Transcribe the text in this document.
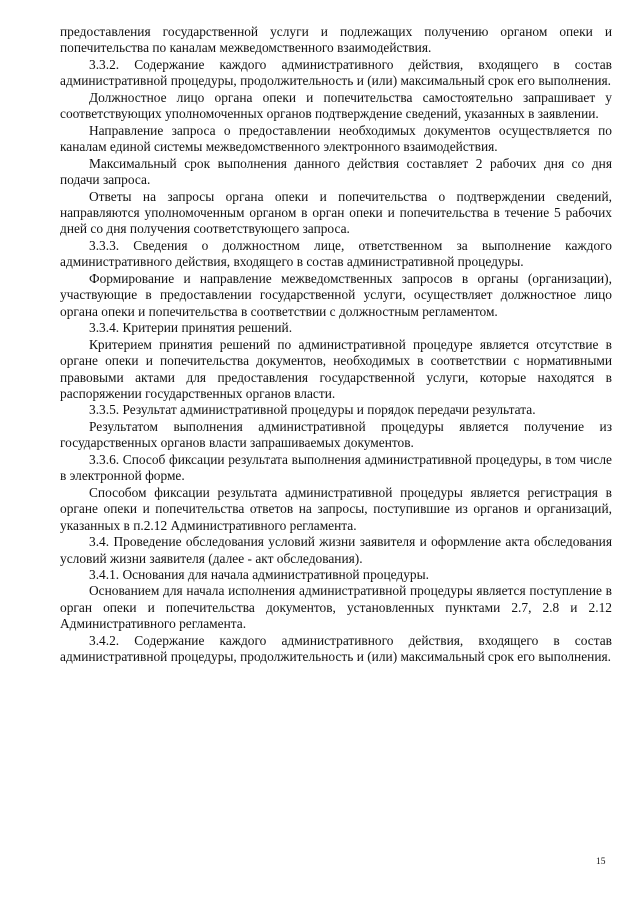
предоставления государственной услуги и подлежащих получению органом опеки и попечительства по каналам межведомственного взаимодействия.

3.3.2. Содержание каждого административного действия, входящего в состав административной процедуры, продолжительность и (или) максимальный срок его выполнения.

Должностное лицо органа опеки и попечительства самостоятельно запрашивает у соответствующих уполномоченных органов подтверждение сведений, указанных в заявлении.

Направление запроса о предоставлении необходимых документов осуществляется по каналам единой системы межведомственного электронного взаимодействия.

Максимальный срок выполнения данного действия составляет 2 рабочих дня со дня подачи запроса.

Ответы на запросы органа опеки и попечительства о подтверждении сведений, направляются уполномоченным органом в орган опеки и попечительства в течение 5 рабочих дней со дня получения соответствующего запроса.

3.3.3. Сведения о должностном лице, ответственном за выполнение каждого административного действия, входящего в состав административной процедуры.

Формирование и направление межведомственных запросов в органы (организации), участвующие в предоставлении государственной услуги, осуществляет должностное лицо органа опеки и попечительства в соответствии с должностным регламентом.

3.3.4. Критерии принятия решений.

Критерием принятия решений по административной процедуре является отсутствие в органе опеки и попечительства документов, необходимых в соответствии с нормативными правовыми актами для предоставления государственной услуги, которые находятся в распоряжении государственных органов власти.

3.3.5. Результат административной процедуры и порядок передачи результата.

Результатом выполнения административной процедуры является получение из государственных органов власти запрашиваемых документов.

3.3.6. Способ фиксации результата выполнения административной процедуры, в том числе в электронной форме.

Способом фиксации результата административной процедуры является регистрация в органе опеки и попечительства ответов на запросы, поступившие из органов и организаций, указанных в п.2.12 Административного регламента.

3.4. Проведение обследования условий жизни заявителя и оформление акта обследования условий жизни заявителя (далее - акт обследования).

3.4.1. Основания для начала административной процедуры.

Основанием для начала исполнения административной процедуры является поступление в орган опеки и попечительства документов, установленных пунктами 2.7, 2.8 и 2.12 Административного регламента.

3.4.2. Содержание каждого административного действия, входящего в состав административной процедуры, продолжительность и (или) максимальный срок его выполнения.

15
